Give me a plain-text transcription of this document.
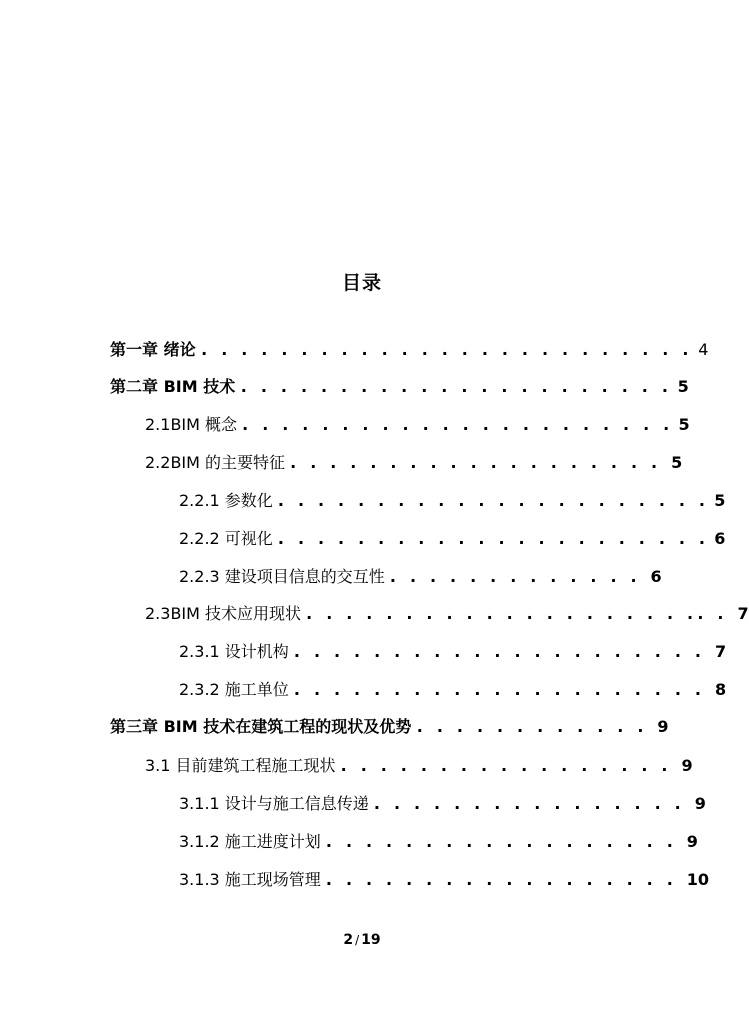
目录
第一章 绪论 . . . . . . . . . . . . . . . . . . . . . . . . . 4
第二章 BIM 技术 . . . . . . . . . . . . . . . . . . . . . . 5
2.1BIM 概念 . . . . . . . . . . . . . . . . . . . . . . 5
2.2BIM 的主要特征 . . . . . . . . . . . . . . . . . . . 5
2.2.1 参数化 . . . . . . . . . . . . . . . . . . . . . . 5
2.2.2 可视化 . . . . . . . . . . . . . . . . . . . . . . 6
2.2.3 建设项目信息的交互性 . . . . . . . . . . . . . 6
2.3BIM 技术应用现状 . . . . . . . . . . . . . . . . . . . .. . 7
2.3.1 设计机构 . . . . . . . . . . . . . . . . . . . . . 7
2.3.2 施工单位 . . . . . . . . . . . . . . . . . . . . . 8
第三章 BIM 技术在建筑工程的现状及优势 . . . . . . . . . . . . 9
3.1 目前建筑工程施工现状 . . . . . . . . . . . . . . . . . 9
3.1.1 设计与施工信息传递 . . . . . . . . . . . . . . . . 9
3.1.2 施工进度计划 . . . . . . . . . . . . . . . . . . 9
3.1.3 施工现场管理 . . . . . . . . . . . . . . . . . . 10
2 / 19
